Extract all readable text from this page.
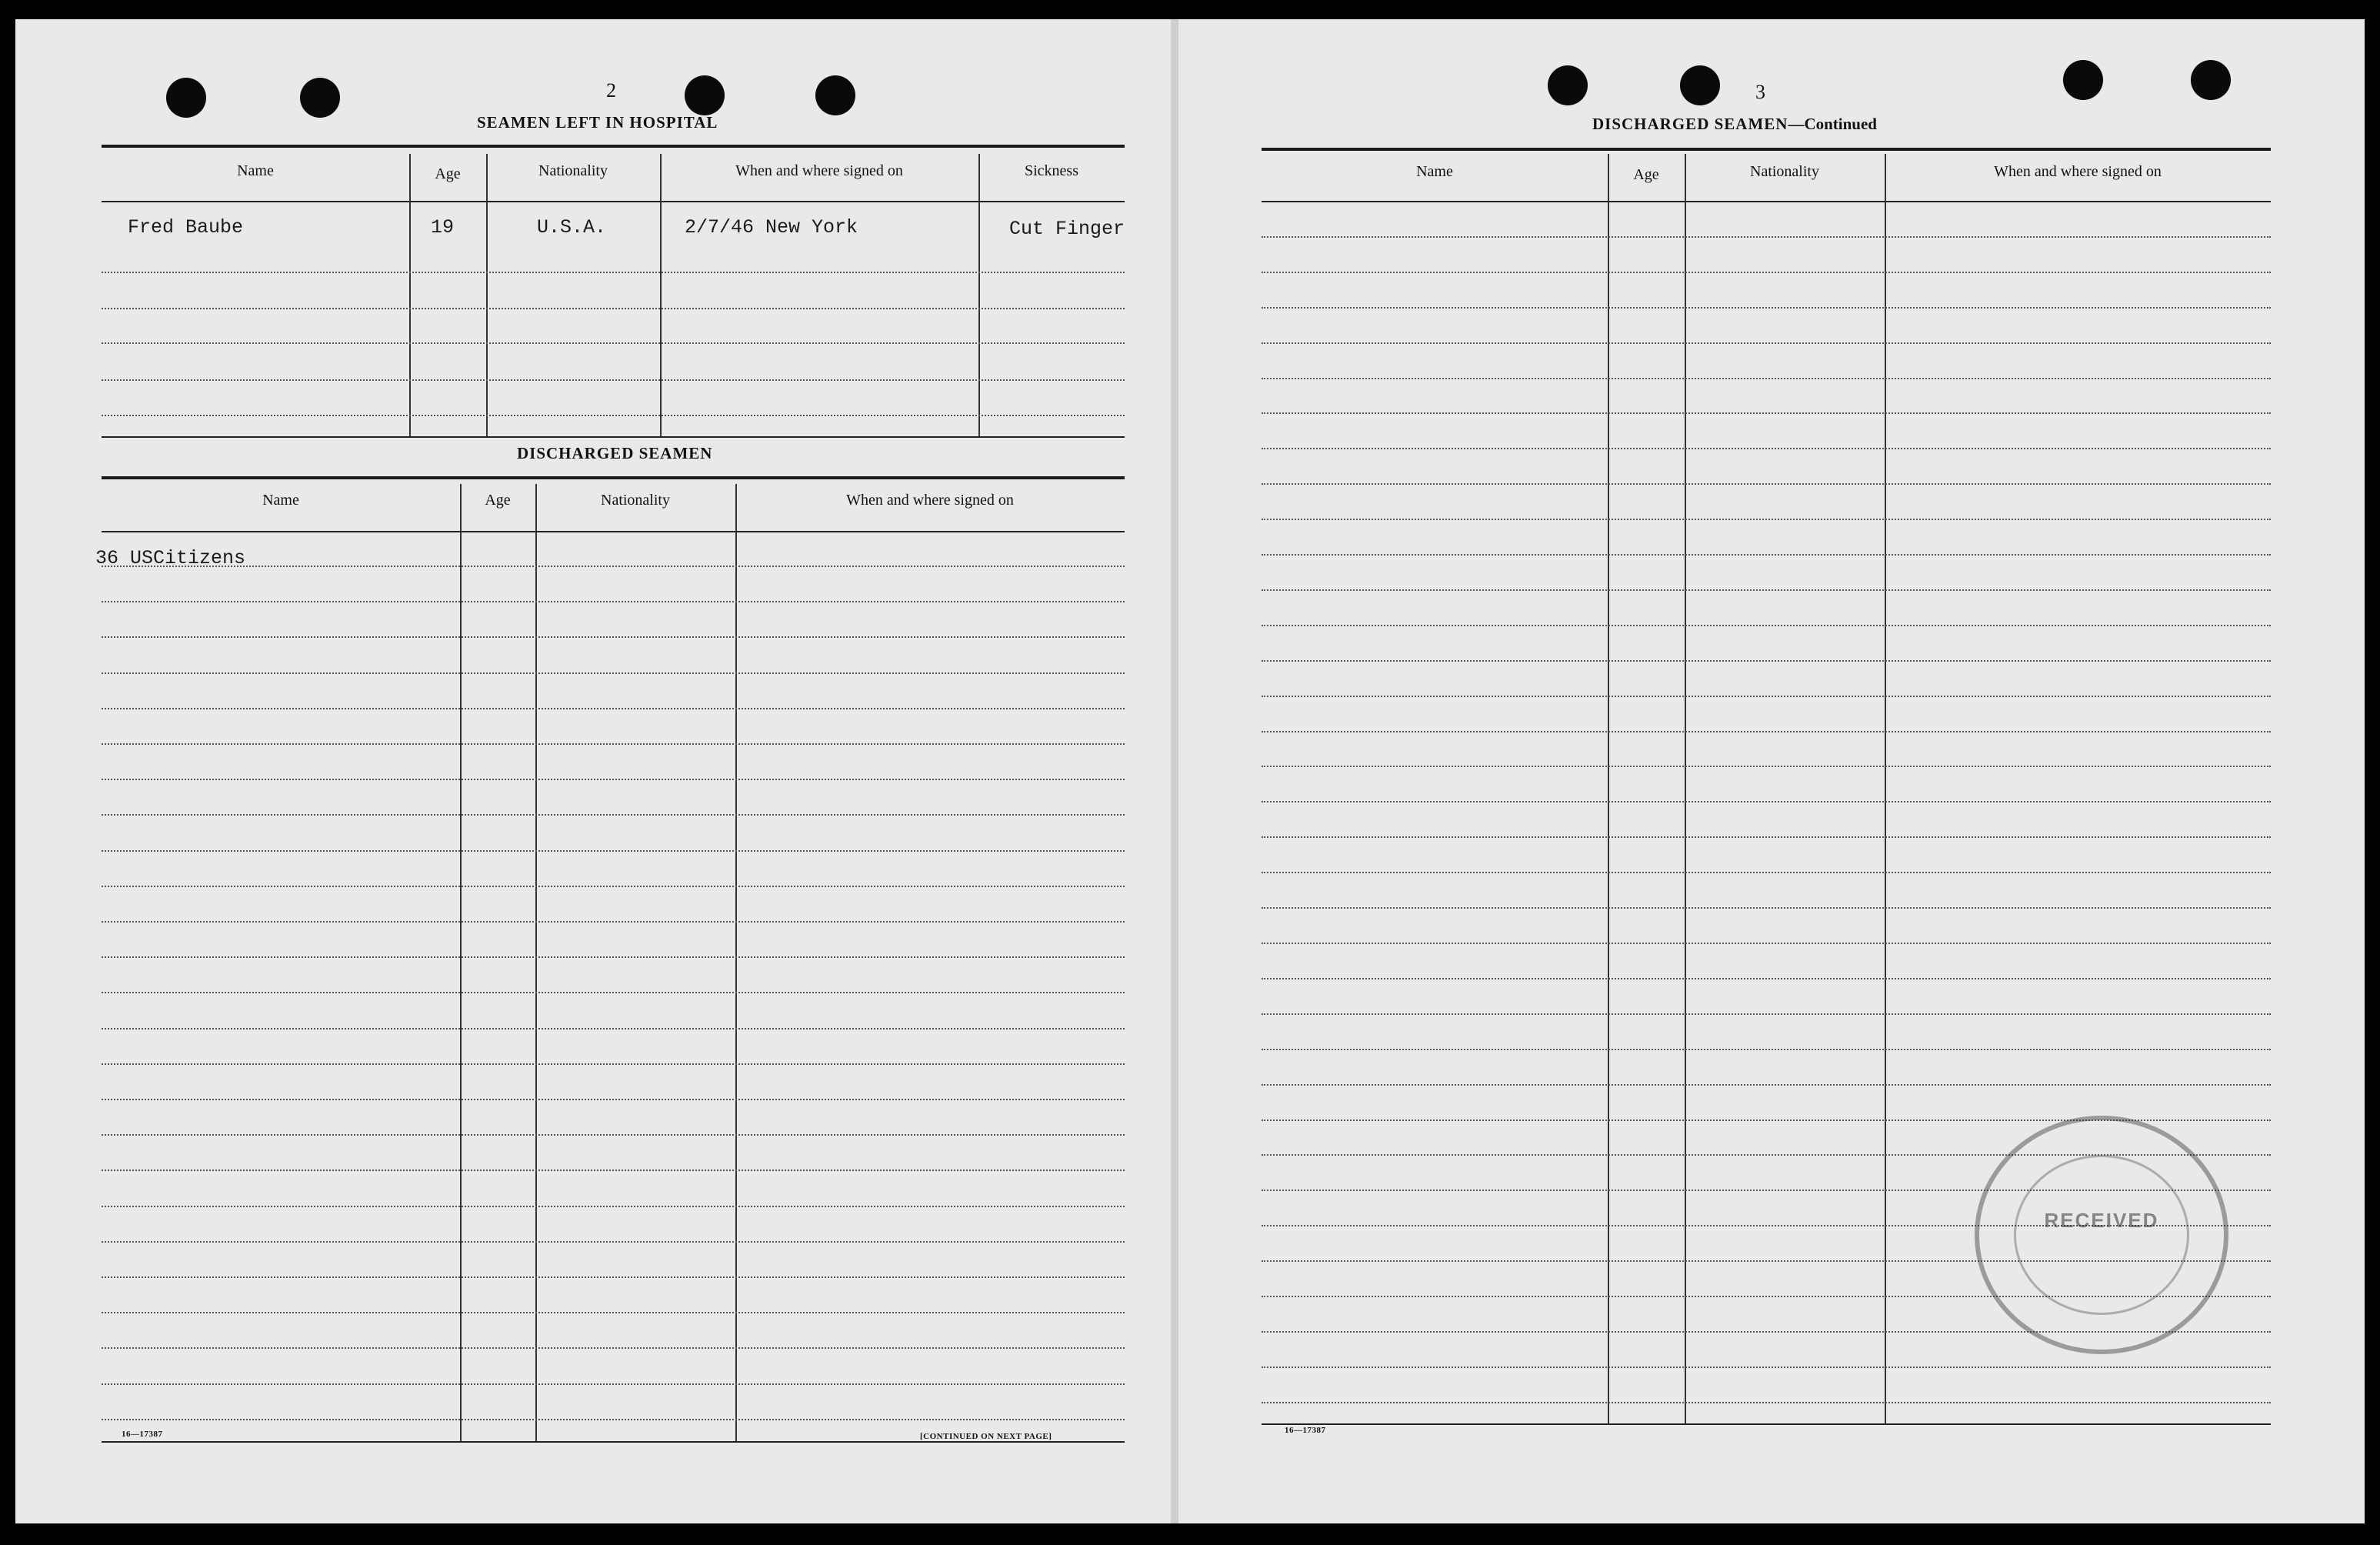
2
SEAMEN LEFT IN HOSPITAL
Name	Age	Nationality	When and where signed on	Sickness
Fred Baube	19	U.S.A.	2/7/46 New York	Cut Finger
DISCHARGED SEAMEN
Name	Age	Nationality	When and where signed on
36 USCitizens
16—17387	[CONTINUED ON NEXT PAGE]
3
DISCHARGED SEAMEN—Continued
Name	Age	Nationality	When and where signed on
16—17387
RECEIVED
